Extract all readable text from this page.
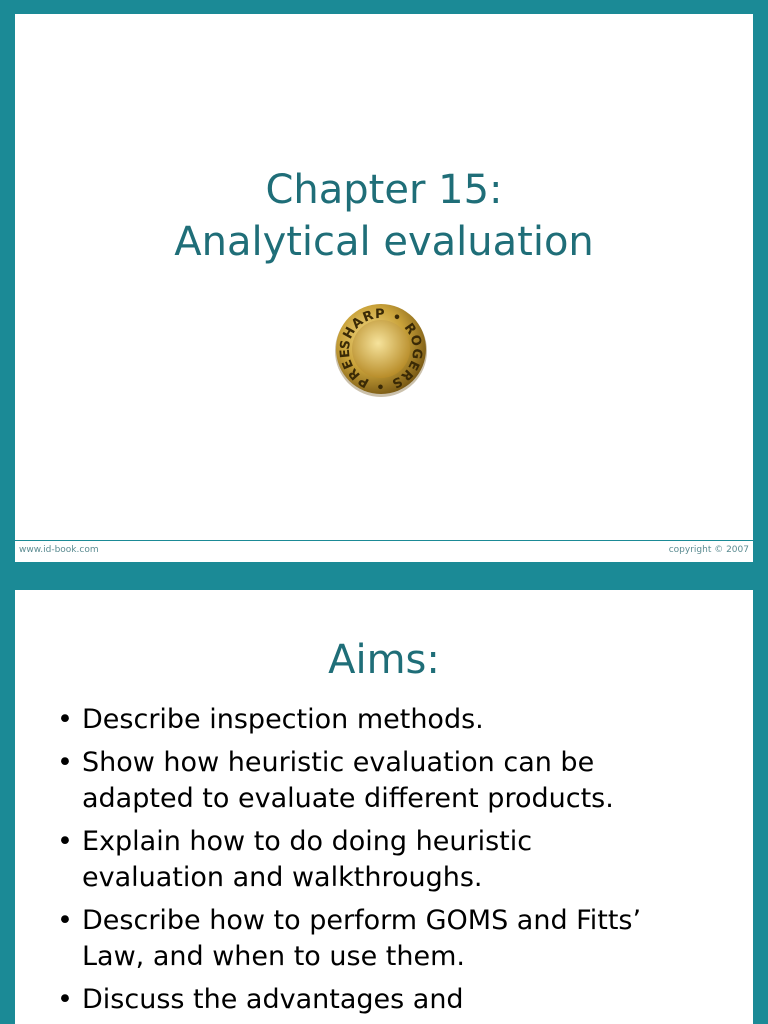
Chapter 15:
Analytical evaluation
SHARP • ROGERS • PREE
www.id-book.com	copyright © 2007
Aims:
• Describe inspection methods.
• Show how heuristic evaluation can be
adapted to evaluate different products.
• Explain how to do doing heuristic
evaluation and walkthroughs.
• Describe how to perform GOMS and Fitts’
Law, and when to use them.
• Discuss the advantages and
